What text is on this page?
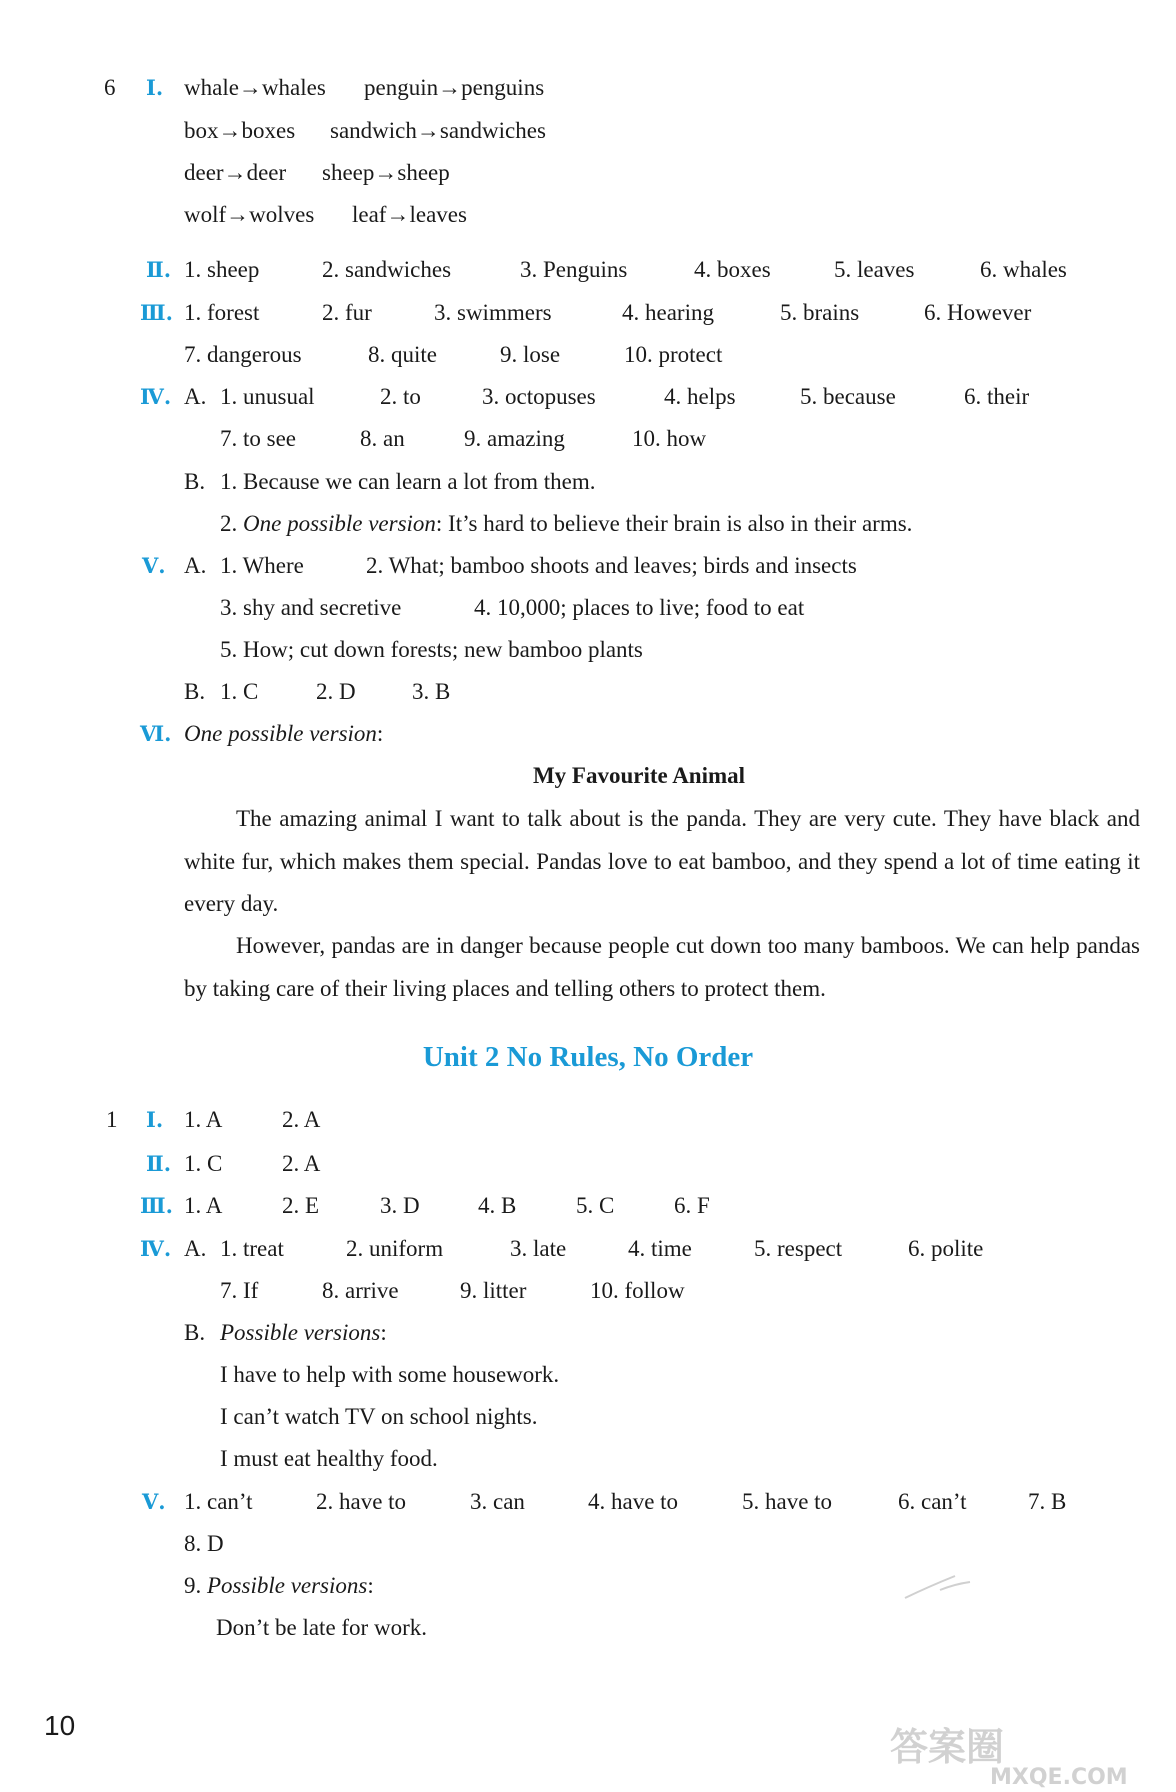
6 Ⅰ. whale→whales penguin→penguins
box→boxes sandwich→sandwiches
deer→deer sheep→sheep
wolf→wolves leaf→leaves
Ⅱ. 1. sheep	2. sandwiches	3. Penguins	4. boxes	5. leaves	6. whales
Ⅲ. 1. forest	2. fur	3. swimmers	4. hearing	5. brains	6. However
7. dangerous	8. quite	9. lose	10. protect
Ⅳ. A. 1. unusual	2. to	3. octopuses	4. helps	5. because	6. their
7. to see	8. an	9. amazing	10. how
B. 1. Because we can learn a lot from them.
2. One possible version: It’s hard to believe their brain is also in their arms.
Ⅴ. A. 1. Where	2. What; bamboo shoots and leaves; birds and insects
3. shy and secretive	4. 10,000; places to live; food to eat
5. How; cut down forests; new bamboo plants
B. 1. C	2. D 3. B
Ⅵ. One possible version:
My Favourite Animal
The amazing animal I want to talk about is the panda. They are very cute. They have black and white fur, which makes them special. Pandas love to eat bamboo, and they spend a lot of time eating it every day.
However, pandas are in danger because people cut down too many bamboos. We can help pandas by taking care of their living places and telling others to protect them.
Unit 2 No Rules, No Order
1 Ⅰ. 1. A	2. A
Ⅱ. 1. C	2. A
Ⅲ. 1. A	2. E	3. D	4. B	5. C	6. F
Ⅳ. A. 1. treat	2. uniform	3. late	4. time	5. respect	6. polite
7. If	8. arrive	9. litter	10. follow
B. Possible versions:
I have to help with some housework.
I can’t watch TV on school nights.
I must eat healthy food.
Ⅴ. 1. can’t	2. have to	3. can	4. have to	5. have to	6. can’t	7. B
8. D
9. Possible versions:
Don’t be late for work.
10	答案圈
MXQE.COM
